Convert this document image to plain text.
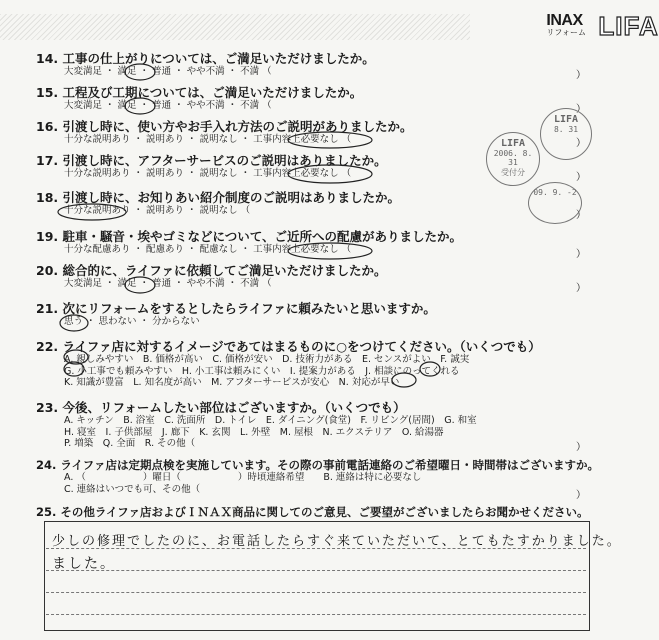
INAX
リフォーム LIFA
14. 工事の仕上がりについては、ご満足いただけましたか。
大変満足 ・ 満足 ・ 普通 ・ やや不満 ・ 不満 （	）
15. 工程及び工期については、ご満足いただけましたか。
大変満足 ・ 満足 ・ 普通 ・ やや不満 ・ 不満 （	）
16. 引渡し時に、使い方やお手入れ方法のご説明がありましたか。
十分な説明あり ・ 説明あり ・ 説明なし ・ 工事内容上必要なし （	）
17. 引渡し時に、アフターサービスのご説明はありましたか。
十分な説明あり ・ 説明あり ・ 説明なし ・ 工事内容上必要なし （	）
18. 引渡し時に、お知りあい紹介制度のご説明はありましたか。
十分な説明あり ・ 説明あり ・ 説明なし （	）
19. 駐車・騒音・埃やゴミなどについて、ご近所への配慮がありましたか。
十分な配慮あり ・ 配慮あり ・ 配慮なし ・ 工事内容上必要なし （	）
20. 総合的に、ライファに依頼してご満足いただけましたか。
大変満足 ・ 満足 ・ 普通 ・ やや不満 ・ 不満 （	）
21. 次にリフォームをするとしたらライファに頼みたいと思いますか。
思う ・ 思わない ・ 分からない
22. ライファ店に対するイメージであてはまるものに○をつけてください。（いくつでも）
A. 親しみやすい　B. 価格が高い　C. 価格が安い　D. 技術力がある　E. センスがよい　F. 誠実
G. 小工事でも頼みやすい　H. 小工事は頼みにくい　I. 提案力がある　J. 相談にのってくれる
K. 知識が豊富　L. 知名度が高い　M. アフターサービスが安心　N. 対応が早い
23. 今後、リフォームしたい部位はございますか。（いくつでも）
A. キッチン　B. 浴室　C. 洗面所　D. トイレ　E. ダイニング(食堂)　F. リビング(居間)　G. 和室
H. 寝室　I. 子供部屋　J. 廊下　K. 玄関　L. 外壁　M. 屋根　N. エクステリア　O. 給湯器
P. 増築　Q. 全面　R. その他（	）
24. ライファ店は定期点検を実施しています。その際の事前電話連絡のご希望曜日・時間帯はございますか。
A. （　　　　　　）曜日（　　　　　　）時頃連絡希望　　B. 連絡は特に必要なし
C. 連絡はいつでも可、その他（
）
25. その他ライファ店およびＩＮＡＸ商品に関してのご意見、ご要望がございましたらお聞かせください。
少しの修理でしたのに、お電話したらすぐ来ていただいて、とてもたすかりました。
ました。
LIFA
2006. 8. 31
受付分
LIFA
8. 31
09. 9. -2
